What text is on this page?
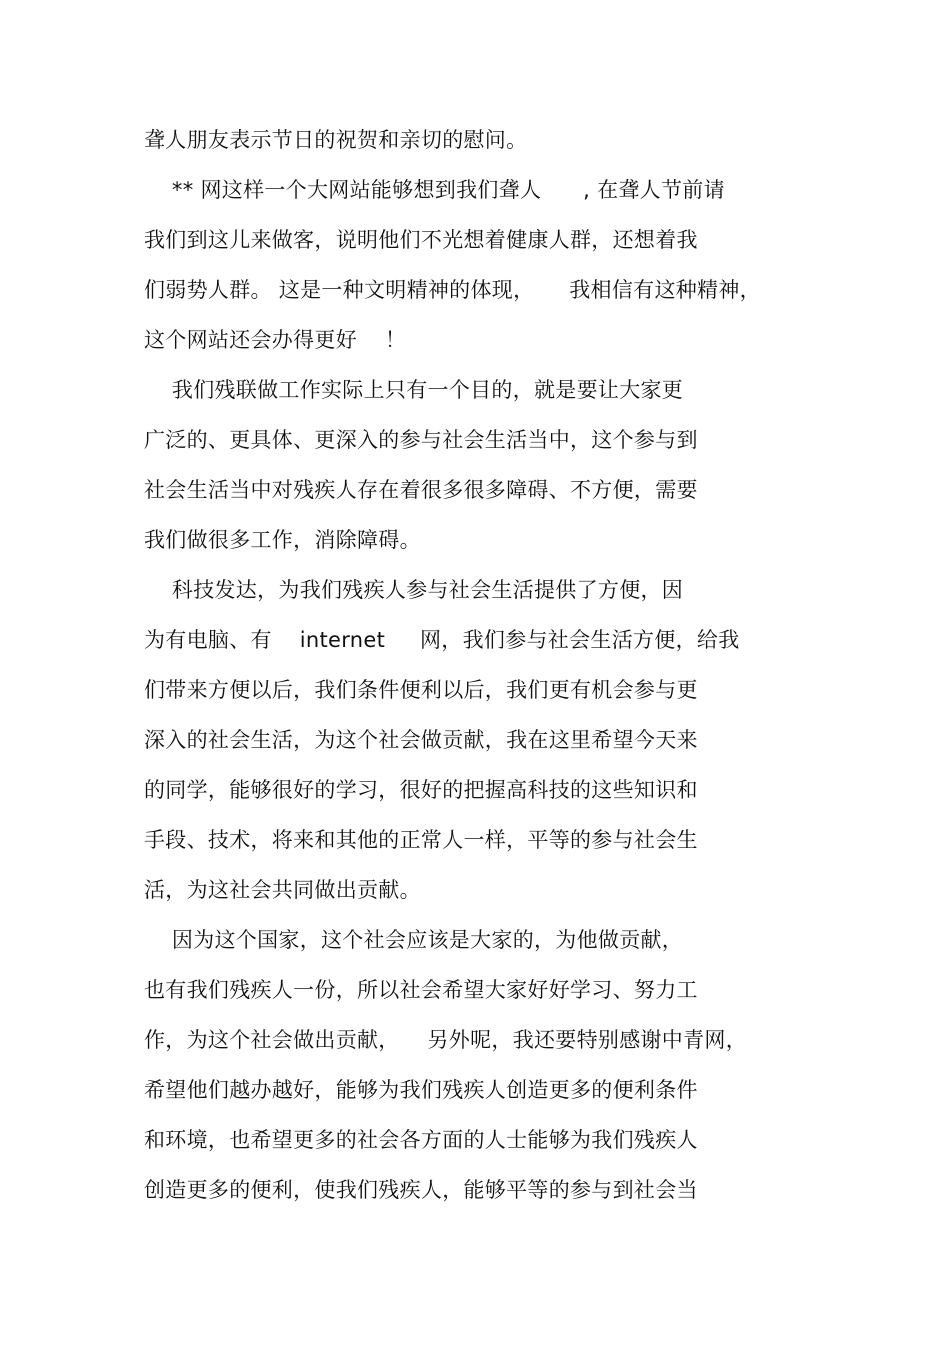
聋人朋友表示节日的祝贺和亲切的慰问。
** 网这样一个大网站能够想到我们聋人      , 在聋人节前请
我们到这儿来做客，说明他们不光想着健康人群，还想着我
们弱势人群。 这是一种文明精神的体现，     我相信有这种精神，
这个网站还会办得更好    ！
我们残联做工作实际上只有一个目的，就是要让大家更
广泛的、更具体、更深入的参与社会生活当中，这个参与到
社会生活当中对残疾人存在着很多很多障碍、不方便，需要
我们做很多工作，消除障碍。
科技发达，为我们残疾人参与社会生活提供了方便，因
为有电脑、有    internet     网，我们参与社会生活方便，给我
们带来方便以后，我们条件便利以后，我们更有机会参与更
深入的社会生活，为这个社会做贡献，我在这里希望今天来
的同学，能够很好的学习，很好的把握高科技的这些知识和
手段、技术，将来和其他的正常人一样，平等的参与社会生
活，为这社会共同做出贡献。
因为这个国家，这个社会应该是大家的，为他做贡献，
也有我们残疾人一份，所以社会希望大家好好学习、努力工
作，为这个社会做出贡献，    另外呢，我还要特别感谢中青网，
希望他们越办越好，能够为我们残疾人创造更多的便利条件
和环境，也希望更多的社会各方面的人士能够为我们残疾人
创造更多的便利，使我们残疾人，能够平等的参与到社会当
